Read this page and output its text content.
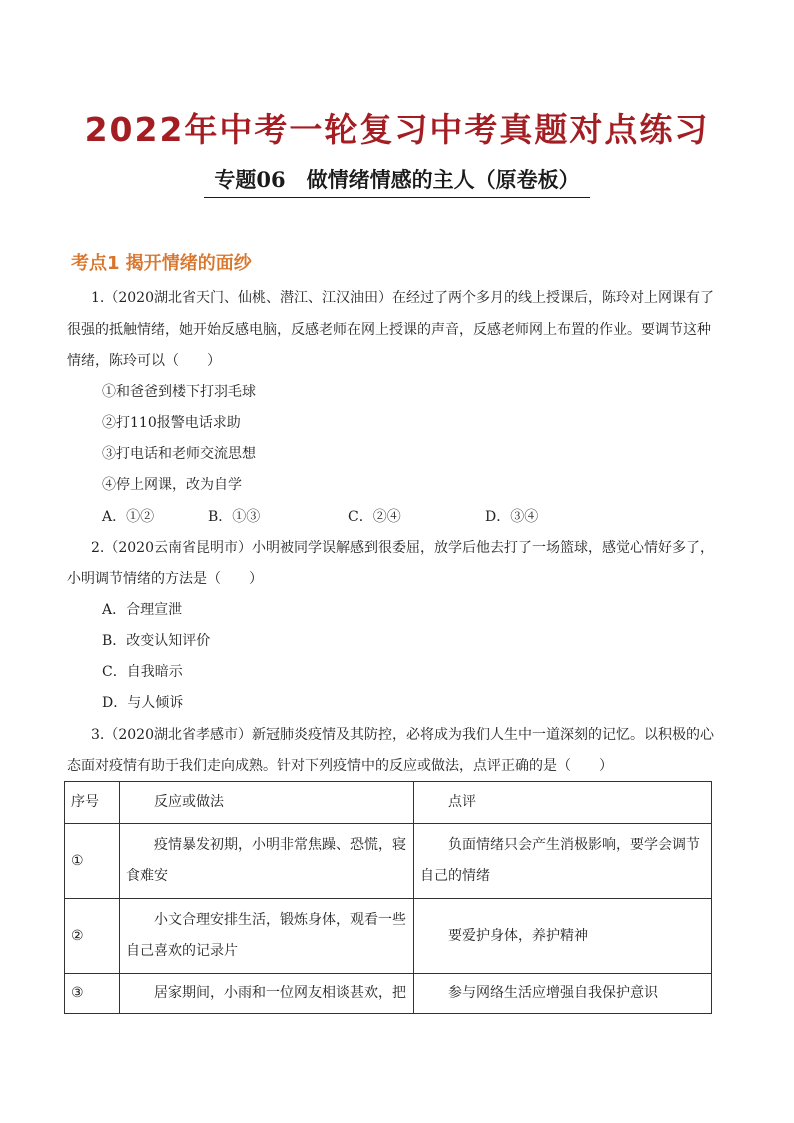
2022年中考一轮复习中考真题对点练习
专题06　做情绪情感的主人（原卷板）
考点1 揭开情绪的面纱
1.（2020湖北省天门、仙桃、潜江、江汉油田）在经过了两个多月的线上授课后，陈玲对上网课有了
很强的抵触情绪，她开始反感电脑，反感老师在网上授课的声音，反感老师网上布置的作业。要调节这种
情绪，陈玲可以（　　）
①和爸爸到楼下打羽毛球
②打110报警电话求助
③打电话和老师交流思想
④停上网课，改为自学
A．①②	B．①③	C．②④	D．③④
2.（2020云南省昆明市）小明被同学误解感到很委屈，放学后他去打了一场篮球，感觉心情好多了，
小明调节情绪的方法是（　　）
A．合理宣泄
B．改变认知评价
C．自我暗示
D．与人倾诉
3.（2020湖北省孝感市）新冠肺炎疫情及其防控，必将成为我们人生中一道深刻的记忆。以积极的心
态面对疫情有助于我们走向成熟。针对下列疫情中的反应或做法，点评正确的是（　　）
序号	反应或做法	点评

①	疫情暴发初期，小明非常焦躁、恐慌，寝食难安	负面情绪只会产生消极影响，要学会调节自己的情绪

②	小文合理安排生活，锻炼身体，观看一些自己喜欢的记录片	要爱护身体，养护精神

③	居家期间，小雨和一位网友相谈甚欢，把	参与网络生活应增强自我保护意识
